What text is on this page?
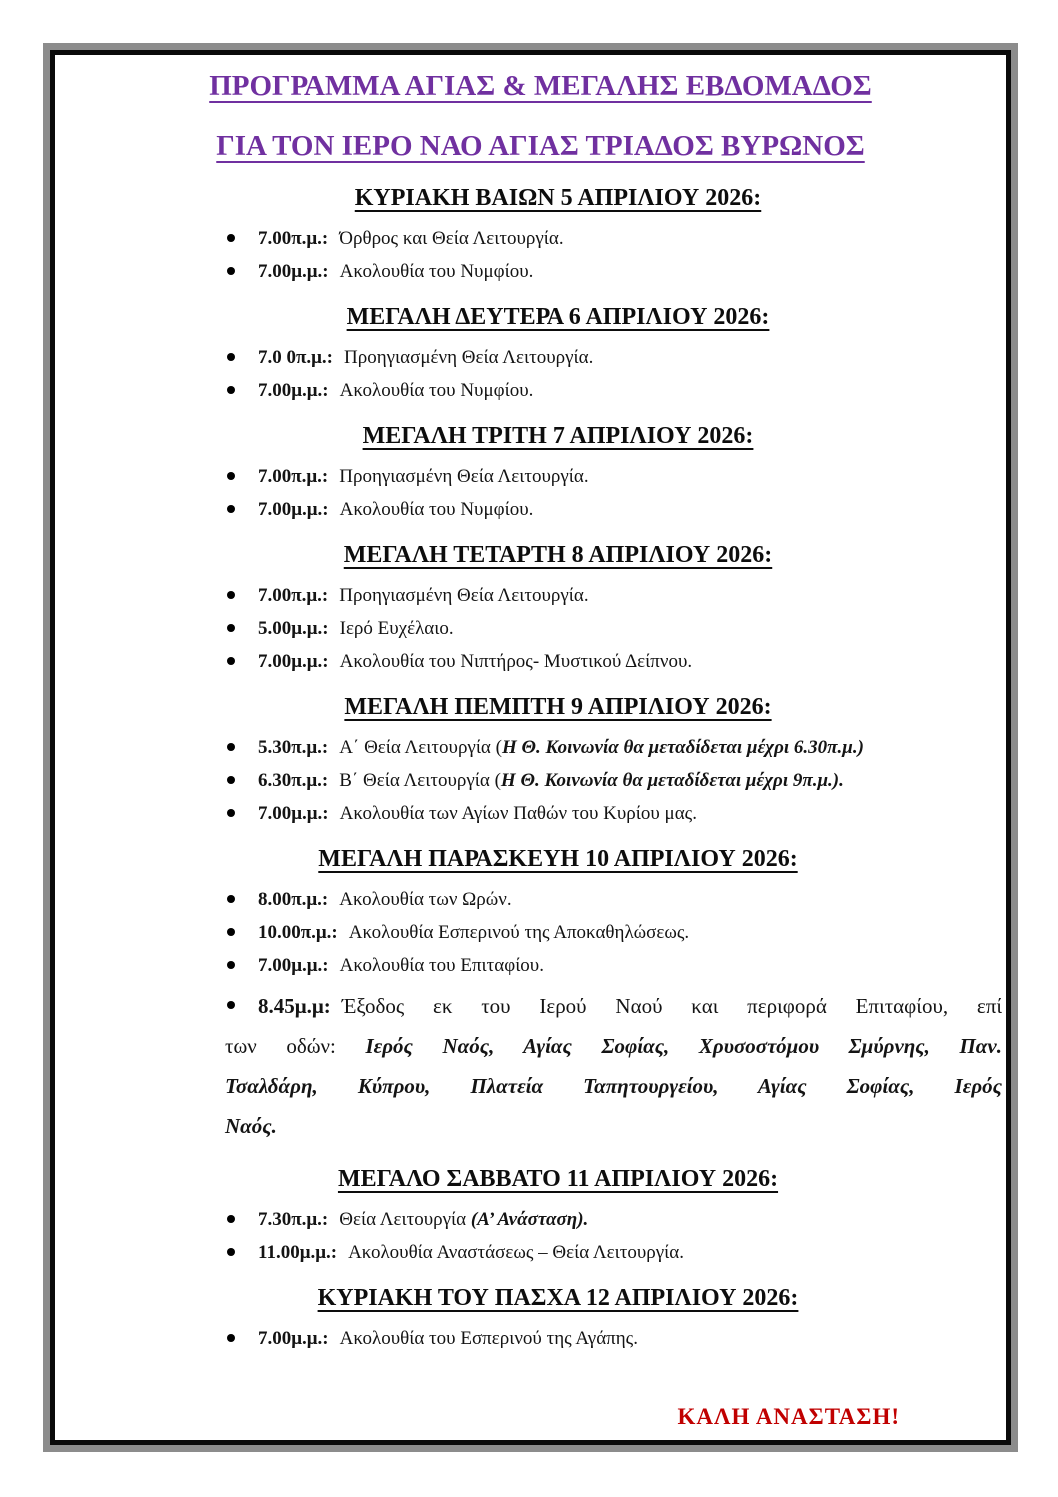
ΠΡΟΓΡΑΜΜΑ ΑΓΙΑΣ & ΜΕΓΑΛΗΣ ΕΒΔΟΜΑΔΟΣ
ΓΙΑ ΤΟΝ ΙΕΡΟ ΝΑΟ ΑΓΙΑΣ ΤΡΙΑΔΟΣ ΒΥΡΩΝΟΣ
ΚΥΡΙΑΚΗ ΒΑΙΩΝ 5 ΑΠΡΙΛΙΟΥ 2026:
7.00π.μ.: Όρθρος και Θεία Λειτουργία.
7.00μ.μ.: Ακολουθία του Νυμφίου.
ΜΕΓΑΛΗ ΔΕΥΤΕΡΑ 6 ΑΠΡΙΛΙΟΥ 2026:
7.0 0π.μ.: Προηγιασμένη Θεία Λειτουργία.
7.00μ.μ.: Ακολουθία του Νυμφίου.
ΜΕΓΑΛΗ ΤΡΙΤΗ 7 ΑΠΡΙΛΙΟΥ 2026:
7.00π.μ.: Προηγιασμένη Θεία Λειτουργία.
7.00μ.μ.: Ακολουθία του Νυμφίου.
ΜΕΓΑΛΗ ΤΕΤΑΡΤΗ 8 ΑΠΡΙΛΙΟΥ 2026:
7.00π.μ.: Προηγιασμένη Θεία Λειτουργία.
5.00μ.μ.: Ιερό Ευχέλαιο.
7.00μ.μ.: Ακολουθία του Νιπτήρος- Μυστικού Δείπνου.
ΜΕΓΑΛΗ ΠΕΜΠΤΗ 9 ΑΠΡΙΛΙΟΥ 2026:
5.30π.μ.: Α΄ Θεία Λειτουργία (Η Θ. Κοινωνία θα μεταδίδεται μέχρι 6.30π.μ.)
6.30π.μ.: Β΄ Θεία Λειτουργία (Η Θ. Κοινωνία θα μεταδίδεται μέχρι 9π.μ.).
7.00μ.μ.: Ακολουθία των Αγίων Παθών του Κυρίου μας.
ΜΕΓΑΛΗ ΠΑΡΑΣΚΕΥΗ 10 ΑΠΡΙΛΙΟΥ 2026:
8.00π.μ.: Ακολουθία των Ωρών.
10.00π.μ.: Ακολουθία Εσπερινού της Αποκαθηλώσεως.
7.00μ.μ.: Ακολουθία του Επιταφίου.
8.45μ.μ: Έξοδος εκ του Ιερού Ναού και περιφορά Επιταφίου, επί των οδών: Ιερός Ναός, Αγίας Σοφίας, Χρυσοστόμου Σμύρνης, Παν. Τσαλδάρη, Κύπρου, Πλατεία Ταπητουργείου, Αγίας Σοφίας, Ιερός Ναός.
ΜΕΓΑΛΟ ΣΑΒΒΑΤΟ 11 ΑΠΡΙΛΙΟΥ 2026:
7.30π.μ.: Θεία Λειτουργία (Α’ Ανάσταση).
11.00μ.μ.: Ακολουθία Αναστάσεως – Θεία Λειτουργία.
ΚΥΡΙΑΚΗ ΤΟΥ ΠΑΣΧΑ 12 ΑΠΡΙΛΙΟΥ 2026:
7.00μ.μ.: Ακολουθία του Εσπερινού της Αγάπης.
ΚΑΛΗ ΑΝΑΣΤΑΣΗ!
